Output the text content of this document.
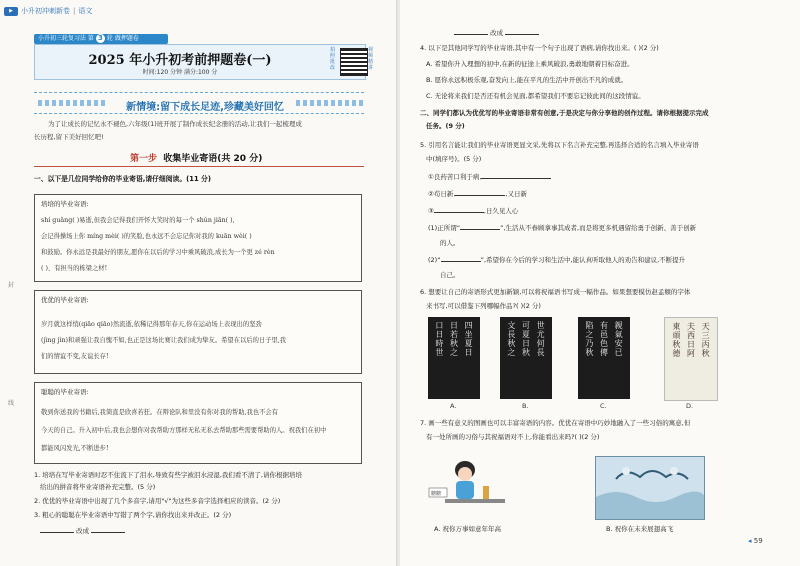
▶	小升初冲刺新卷 | 语文
小升初三轮复习法 第 3 轮 做押题卷
2025 年小升初考前押题卷(一)
时间:120 分钟 满分:100 分
拍照批改
视频精讲
新情境:留下成长足迹,珍藏美好回忆
为了让成长的记忆永不褪色,六年级(1)班开展了制作成长纪念册的活动,让我们一起梳理成
长历程,留下美好回忆吧!
第一步 收集毕业寄语(共 20 分)
一、以下是几位同学给你的毕业寄语,请仔细阅读。(11 分)
培培的毕业寄语:
shí guǎng( )易逝,但我会记得我们开怀大笑时的每一个 shǔn jiān( ),
会记得操场上你 míng mèi( )的笑脸,也永远不会忘记你对我的 kuān wèi( )
和鼓励。你永远是我最好的朋友,愿你在以后的学习中乘风破浪,成长为一个更 zé rèn
( )、有担当的栋梁之材!
优优的毕业寄语:
岁月就这样悄(qiāo qiāo)然流逝,依稀记得那年春天,你在运动场上表现出的坚劲
(jìng jìn)和顽强让我自愧不如,也正是这场比赛让我们成为挚友。希望在以后的日子里,我
们的情谊不变,友谊长存!
聪聪的毕业寄语:
敬到你送我的书籍后,我简直是欣喜若狂。在辩论队和里没有你对我的帮助,我也不会有
今天的自己。升入初中后,我也会想你对我帮助方那样无私无私去帮助那些需要帮助的人。祝我们在初中
都能风闪发光,不断进步!
1. 培培在写毕业寄语时忍不住流下了泪水,导致有些字被泪水浸湿,我们看不清了,请你根据培培
给出的拼音将毕业寄语补充完整。(5 分)
2. 优优的毕业寄语中出现了几个多音字,请用"√"为这些多音字选择相应的读音。(2 分)
3. 粗心的聪聪在毕业寄语中写错了两个字,请你找出来并改正。(2 分)
改成
封
线
改成
4. 以下是其他同学写的毕业寄语,其中有一个句子出现了语病,请你找出来。( )(2 分)
A. 希望你升入理想的初中,在新的征途上乘风破浪,勇敢地朝着目标奋进。
B. 愿你永远积极乐观,奋发向上,能在平凡的生活中开创出不凡的成就。
C. 无论将来我们是否还有机会见面,都希望我们不要忘记彼此间的这段情谊。
二、同学们都认为优优写的毕业寄语非常有创意,于是决定与你分享他的创作过程。请你根据提示完成
任务。(9 分)
5. 引用名言能让我们的毕业寄语更显文采,先将以下名言补充完整,再选择合适的名言填入毕业寄语
中(填序号)。(5 分)
①良药苦口利于病,
②苟日新,	,又日新
③	,日久见人心
(1)正所谓“	”,生活从不眷顾拿事其成者,而是将更多机遇留给勇于创新、善于创新
的人。
(2)“	”,希望你在今后的学习和生活中,能认真听取他人的劝告和建议,不断提升
自己。
6. 想要让自己的寄语形式更加新颖,可以将祝福语书写成一幅作品。如果想要模仿赵孟頫的字体
来书写,可以借鉴下列哪幅作品?( )(2 分)
口
日
時
世
日
若
秋
之
四
坐
夏
日
文
長
秋
之
可
夏
日
秋
世
尤
何
長
陷
之
乃
秋
有
邑
色
傳
親
氣
安
已
東
頑
秋
德
夫
西
日
阿
天
三
丙
秋
A.	B.	C.	D.
7. 画一些有意义的图画也可以丰富寄语的内容。优优在寄语中巧妙地融入了一些习俗的寓意,但
有一处所画的习俗与其祝福语对不上,你能看出来吗?( )(2 分)
糖糖
A. 祝你万事如意年年高	B. 祝你在未来展翅高飞
◂ 59
